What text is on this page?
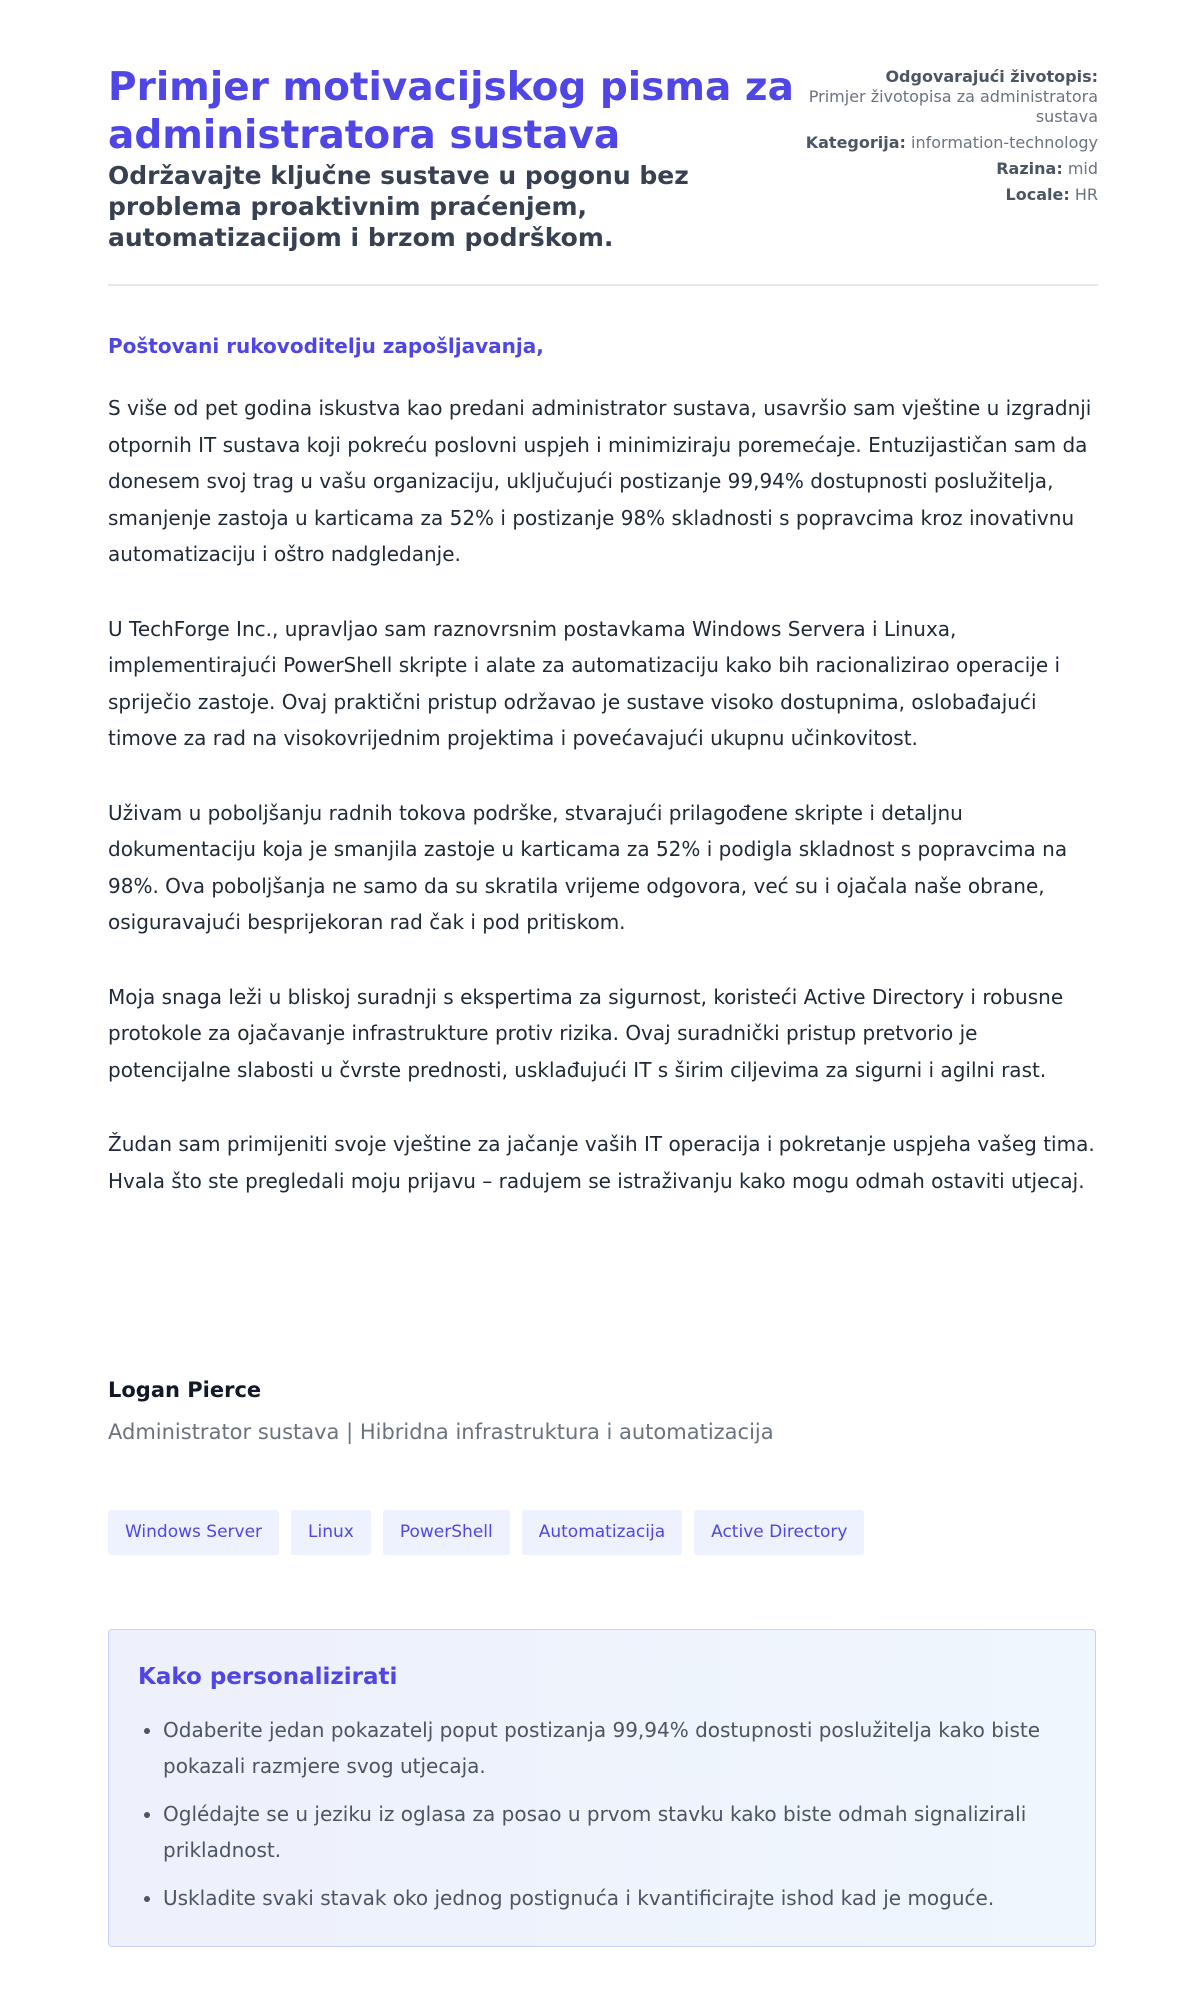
Primjer motivacijskog pisma za administratora sustava
Održavajte ključne sustave u pogonu bez problema proaktivnim praćenjem, automatizacijom i brzom podrškom.
Odgovarajući životopis:
Primjer životopisa za administratora sustava
Kategorija: information-technology
Razina: mid
Locale: HR
Poštovani rukovoditelju zapošljavanja,

S više od pet godina iskustva kao predani administrator sustava, usavršio sam vještine u izgradnji otpornih IT sustava koji pokreću poslovni uspjeh i minimiziraju poremećaje. Entuzijastičan sam da donesem svoj trag u vašu organizaciju, uključujući postizanje 99,94% dostupnosti poslužitelja, smanjenje zastoja u karticama za 52% i postizanje 98% skladnosti s popravcima kroz inovativnu automatizaciju i oštro nadgledanje.

U TechForge Inc., upravljao sam raznovrsnim postavkama Windows Servera i Linuxa, implementirajući PowerShell skripte i alate za automatizaciju kako bih racionalizirao operacije i spriječio zastoje. Ovaj praktični pristup održavao je sustave visoko dostupnima, oslobađajući timove za rad na visokovrijednim projektima i povećavajući ukupnu učinkovitost.

Uživam u poboljšanju radnih tokova podrške, stvarajući prilagođene skripte i detaljnu dokumentaciju koja je smanjila zastoje u karticama za 52% i podigla skladnost s popravcima na 98%. Ova poboljšanja ne samo da su skratila vrijeme odgovora, već su i ojačala naše obrane, osiguravajući besprijekoran rad čak i pod pritiskom.

Moja snaga leži u bliskoj suradnji s ekspertima za sigurnost, koristeći Active Directory i robusne protokole za ojačavanje infrastrukture protiv rizika. Ovaj suradnički pristup pretvorio je potencijalne slabosti u čvrste prednosti, usklađujući IT s širim ciljevima za sigurni i agilni rast.

Žudan sam primijeniti svoje vještine za jačanje vaših IT operacija i pokretanje uspjeha vašeg tima. Hvala što ste pregledali moju prijavu – radujem se istraživanju kako mogu odmah ostaviti utjecaj.

Logan Pierce
Administrator sustava | Hibridna infrastruktura i automatizacija
Windows Server	Linux	PowerShell	Automatizacija	Active Directory
Kako personalizirati
• Odaberite jedan pokazatelj poput postizanja 99,94% dostupnosti poslužitelja kako biste pokazali razmjere svog utjecaja.
• Oglédajte se u jeziku iz oglasa za posao u prvom stavku kako biste odmah signalizirali prikladnost.
• Uskladite svaki stavak oko jednog postignuća i kvantificirajte ishod kad je moguće.
